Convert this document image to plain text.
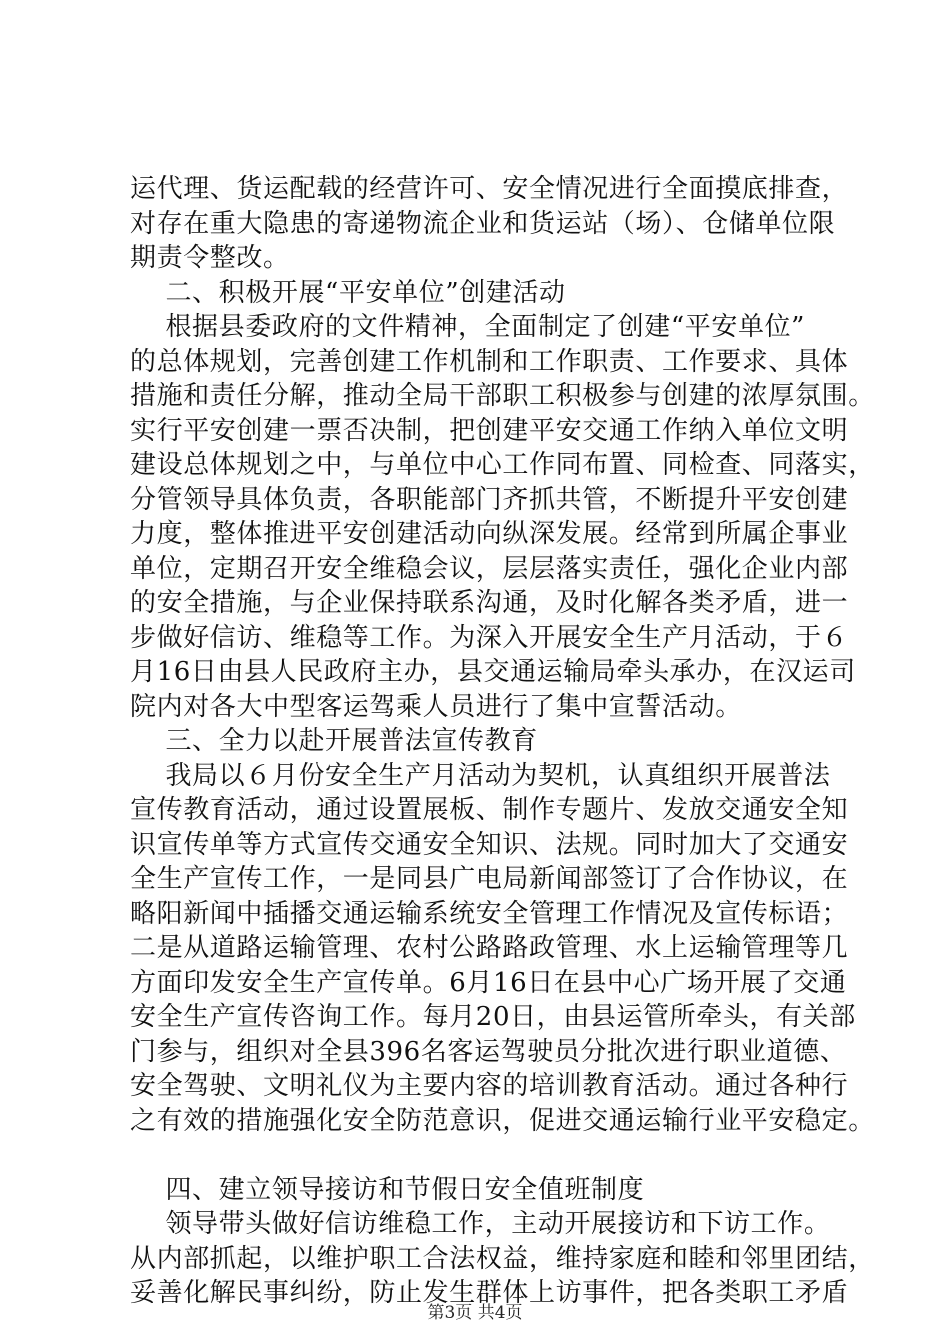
运代理、货运配载的经营许可、安全情况进行全面摸底排查，
对存在重大隐患的寄递物流企业和货运站（场）、仓储单位限
期责令整改。
二、积极开展“平安单位”创建活动
根据县委政府的文件精神，全面制定了创建“平安单位”
的总体规划，完善创建工作机制和工作职责、工作要求、具体
措施和责任分解，推动全局干部职工积极参与创建的浓厚氛围。
实行平安创建一票否决制，把创建平安交通工作纳入单位文明
建设总体规划之中，与单位中心工作同布置、同检查、同落实，
分管领导具体负责，各职能部门齐抓共管，不断提升平安创建
力度，整体推进平安创建活动向纵深发展。经常到所属企事业
单位，定期召开安全维稳会议，层层落实责任，强化企业内部
的安全措施，与企业保持联系沟通，及时化解各类矛盾，进一
步做好信访、维稳等工作。为深入开展安全生产月活动，于６
月16日由县人民政府主办，县交通运输局牵头承办，在汉运司
院内对各大中型客运驾乘人员进行了集中宣誓活动。
三、全力以赴开展普法宣传教育
我局以６月份安全生产月活动为契机，认真组织开展普法
宣传教育活动，通过设置展板、制作专题片、发放交通安全知
识宣传单等方式宣传交通安全知识、法规。同时加大了交通安
全生产宣传工作，一是同县广电局新闻部签订了合作协议，在
略阳新闻中插播交通运输系统安全管理工作情况及宣传标语；
二是从道路运输管理、农村公路路政管理、水上运输管理等几
方面印发安全生产宣传单。6月16日在县中心广场开展了交通
安全生产宣传咨询工作。每月20日，由县运管所牵头，有关部
门参与，组织对全县396名客运驾驶员分批次进行职业道德、
安全驾驶、文明礼仪为主要内容的培训教育活动。通过各种行
之有效的措施强化安全防范意识，促进交通运输行业平安稳定。
四、建立领导接访和节假日安全值班制度
领导带头做好信访维稳工作，主动开展接访和下访工作。
从内部抓起，以维护职工合法权益，维持家庭和睦和邻里团结，
妥善化解民事纠纷，防止发生群体上访事件，把各类职工矛盾
第3页 共4页
